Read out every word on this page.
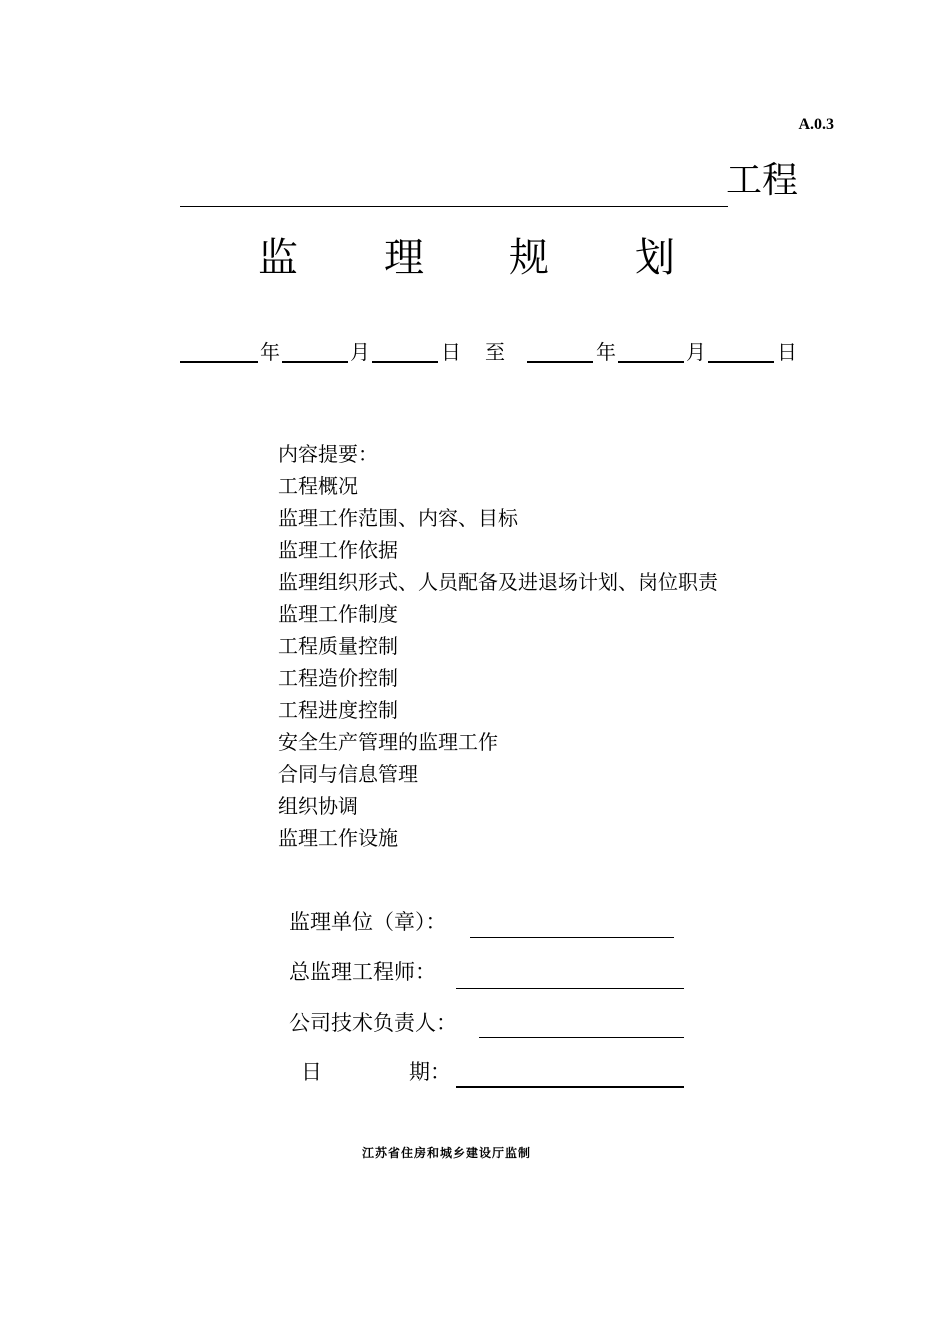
A.0.3
工程
监 理 规 划
年	月	日 至	年	月	日
内容提要：
工程概况
监理工作范围、内容、目标
监理工作依据
监理组织形式、人员配备及进退场计划、岗位职责
监理工作制度
工程质量控制
工程造价控制
工程进度控制
安全生产管理的监理工作
合同与信息管理
组织协调
监理工作设施
监理单位（章）：
总监理工程师：
公司技术负责人：
日	期：
江苏省住房和城乡建设厅监制
